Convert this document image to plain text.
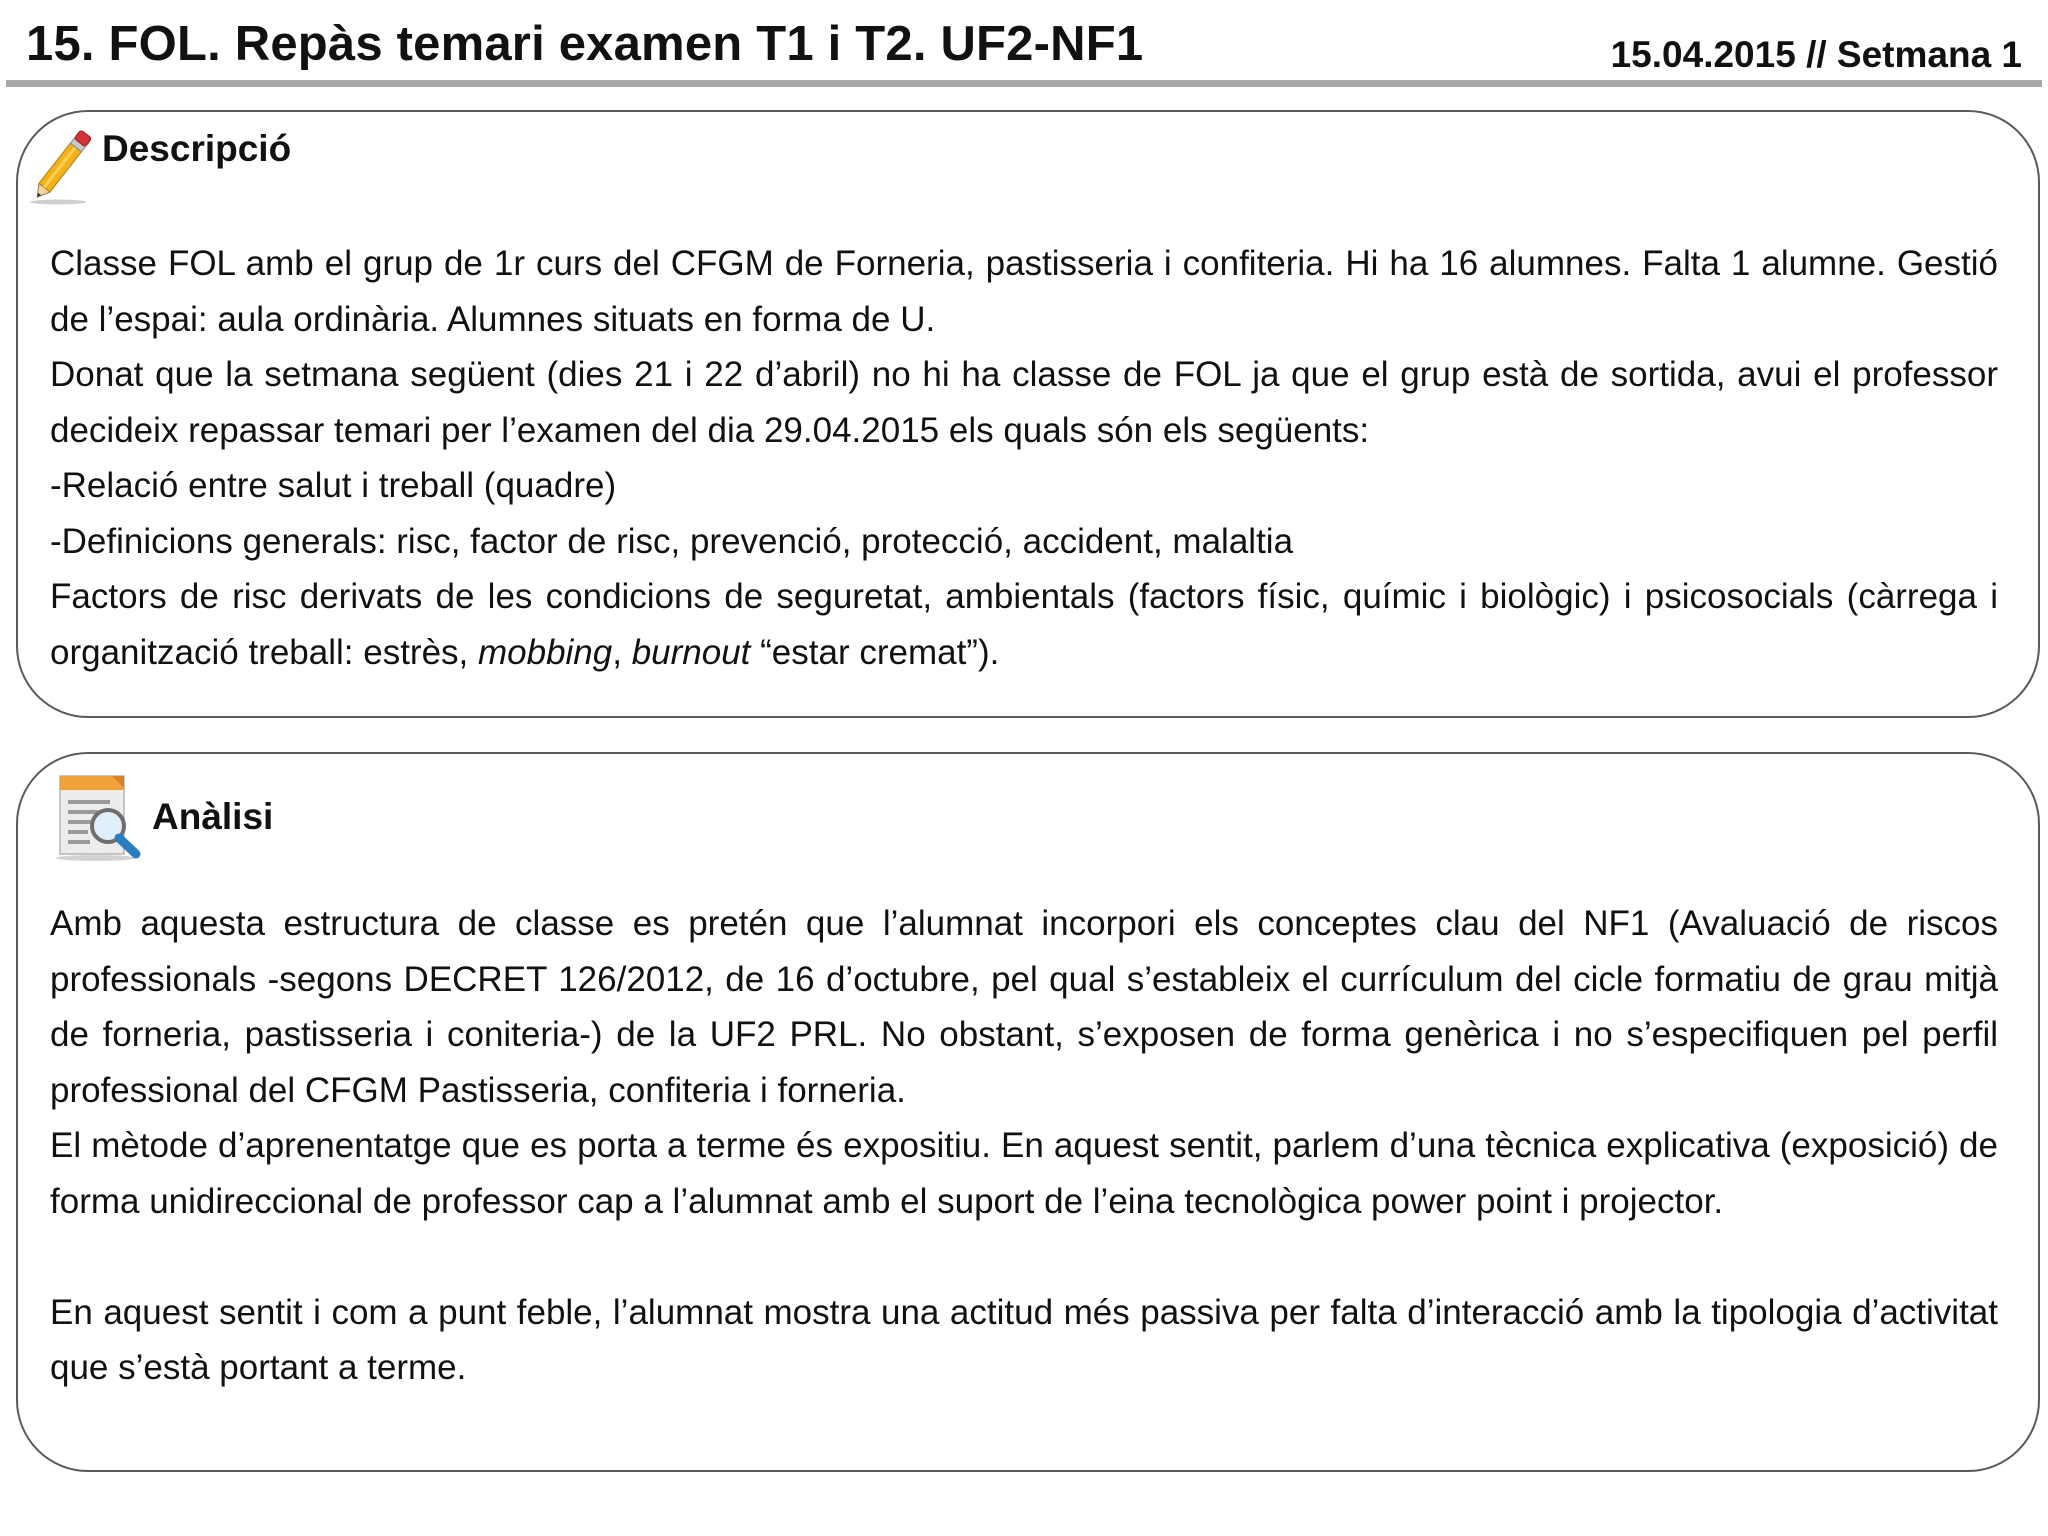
15. FOL. Repàs temari examen T1 i T2. UF2-NF1	15.04.2015 // Setmana 1
Descripció

Classe FOL amb el grup de 1r curs del CFGM de Forneria, pastisseria i confiteria. Hi ha 16 alumnes. Falta 1 alumne. Gestió de l’espai: aula ordinària. Alumnes situats en forma de U.

Donat que la setmana següent (dies 21 i 22 d’abril) no hi ha classe de FOL ja que el grup està de sortida, avui el professor decideix repassar temari per l’examen del dia 29.04.2015 els quals són els següents:

-Relació entre salut i treball (quadre)

-Definicions generals: risc, factor de risc, prevenció, protecció, accident, malaltia

Factors de risc derivats de les condicions de seguretat, ambientals (factors físic, químic i biològic) i psicosocials (càrrega i organització treball: estrès, mobbing, burnout “estar cremat”).

Anàlisi

Amb aquesta estructura de classe es pretén que l’alumnat incorpori els conceptes clau del NF1 (Avaluació de riscos professionals -segons DECRET 126/2012, de 16 d’octubre, pel qual s’estableix el currículum del cicle formatiu de grau mitjà de forneria, pastisseria i coniteria-) de la UF2 PRL. No obstant, s’exposen de forma genèrica i no s’especifiquen pel perfil professional del CFGM Pastisseria, confiteria i forneria.

El mètode d’aprenentatge que es porta a terme és expositiu. En aquest sentit, parlem d’una tècnica explicativa (exposició) de forma unidireccional de professor cap a l’alumnat amb el suport de l’eina tecnològica power point i projector.

En aquest sentit i com a punt feble, l’alumnat mostra una actitud més passiva per falta d’interacció amb la tipologia d’activitat que s’està portant a terme.
